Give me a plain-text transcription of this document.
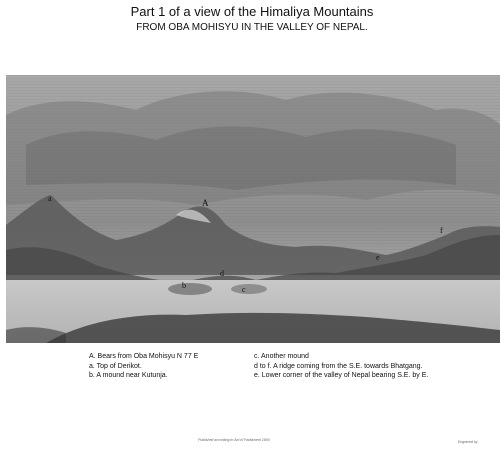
Part 1 of a view of the Himaliya Mountains
FROM OBA MOHISYU IN THE VALLEY OF NEPAL.
a	A
f
e
d
b	c
A. Bears from Oba Mohisyu N 77 E
a. Top of Derikot.
b. A mound near Kutunja.
c. Another mound
d to f. A ridge coming from the S.E. towards Bhatgang.
e. Lower corner of the valley of Nepal bearing S.E. by E.
Published according to Act of Parliament 1800	Engraved by
